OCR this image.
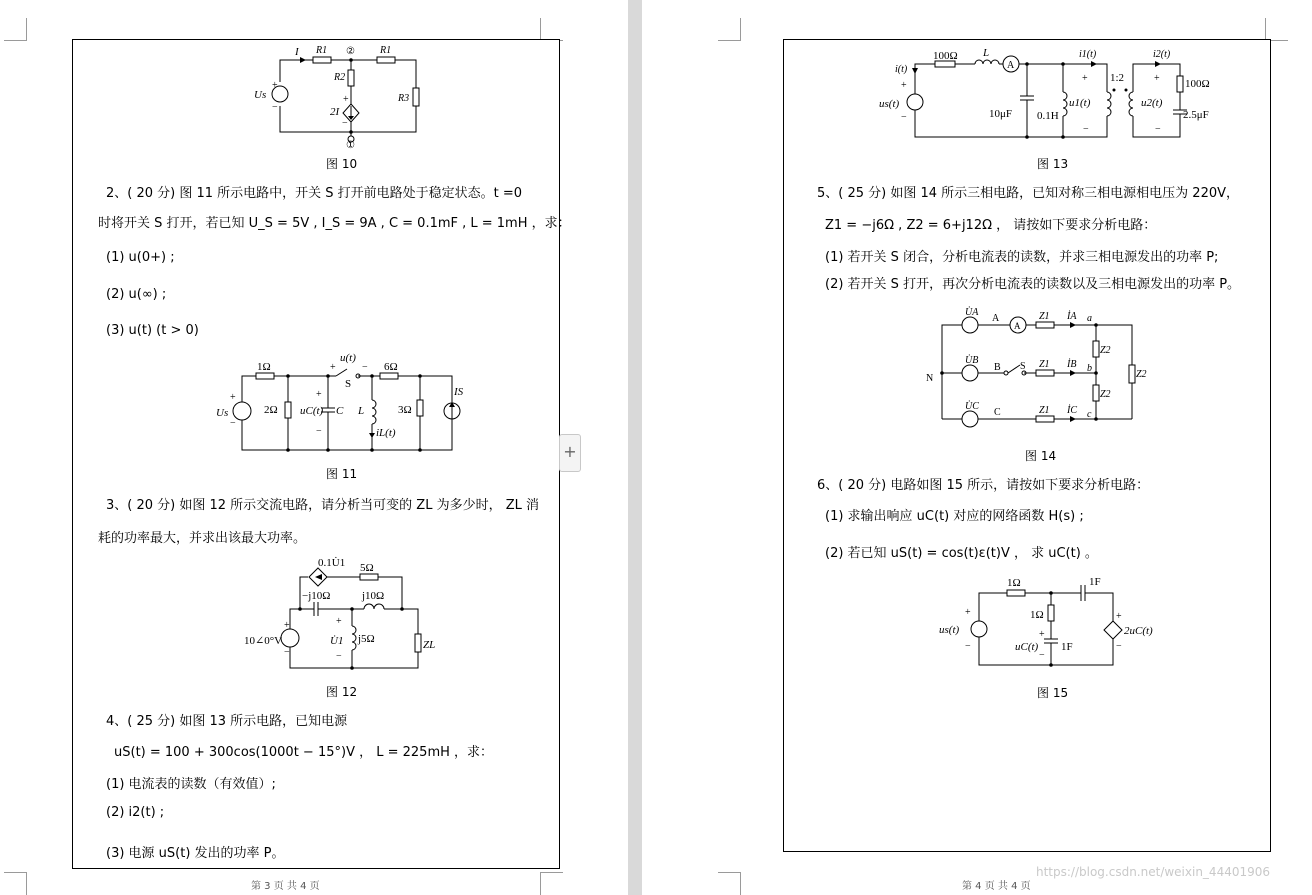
I R1 ②	R1
R2
Us
+
−
+
−
2I
R3
①
图 10
2、( 20 分) 图 11 所示电路中，开关 S 打开前电路处于稳定状态。t =0
时将开关 S 打开，若已知 U_S = 5V , I_S = 9A , C = 0.1mF , L = 1mH ，求：
(1) u(0+) ;
(2) u(∞) ;
(3) u(t) (t > 0)
1Ω
u(t)
S
6Ω
Us	2Ω uC(t) C L
iL(t)
3Ω
IS
+
−
+
−
+	−
图 11
3、( 20 分) 如图 12 所示交流电路，请分析当可变的 ZL 为多少时， ZL 消
耗的功率最大，并求出该最大功率。
0.1U̇1 5Ω
−j10Ω	j10Ω
10∠0°V	U̇1 j5Ω	ZL
+
−
+
−
图 12
4、( 25 分) 如图 13 所示电路，已知电源
uS(t) = 100 + 300cos(1000t − 15°)V ， L = 225mH ，求：
(1) 电流表的读数（有效值）;
(2) i2(t) ;
(3) 电源 uS(t) 发出的功率 P。
第 3 页 共 4 页
+
100Ω L
A
i(t)
i1(t)	i2(t)
1:2
us(t)
10μF 0.1H
u1(t)	u2(t)
100Ω
2.5μF
+
−
+
−
+
−
图 13
5、( 25 分) 如图 14 所示三相电路，已知对称三相电源相电压为 220V，
Z1 = −j6Ω , Z2 = 6+j12Ω ， 请按如下要求分析电路：
(1) 若开关 S 闭合，分析电流表的读数，并求三相电源发出的功率 P;
(2) 若开关 S 打开，再次分析电流表的读数以及三相电源发出的功率 P。
U̇A
A
A
Z1 İA a
U̇B
B S Z1 İB b
U̇C
C	Z1 İC c
N
Z2
Z2
Z2
图 14
6、( 20 分) 电路如图 15 所示，请按如下要求分析电路：
(1) 求输出响应 uC(t) 对应的网络函数 H(s) ;
(2) 若已知 uS(t) = cos(t)ε(t)V ， 求 uC(t) 。
1Ω	1F
1Ω
us(t)
uC(t) 1F
2uC(t)
+
−
+
−
+
−
图 15
第 4 页 共 4 页
https://blog.csdn.net/weixin_44401906
